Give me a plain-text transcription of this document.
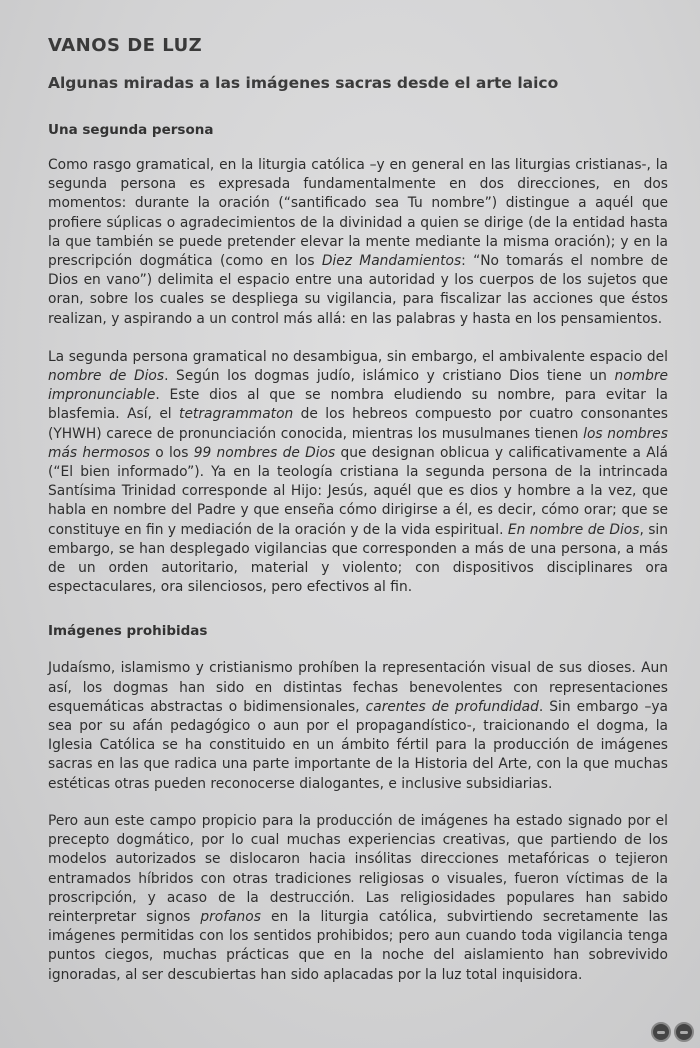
VANOS DE LUZ
Algunas miradas a las imágenes sacras desde el arte laico
Una segunda persona

Como rasgo gramatical, en la liturgia católica –y en general en las liturgias cristianas-, la segunda persona es expresada fundamentalmente en dos direcciones, en dos momentos: durante la oración (“santificado sea Tu nombre”) distingue a aquél que profiere súplicas o agradecimientos de la divinidad a quien se dirige (de la entidad hasta la que también se puede pretender elevar la mente mediante la misma oración); y en la prescripción dogmática (como en los Diez Mandamientos: “No tomarás el nombre de Dios en vano”) delimita el espacio entre una autoridad y los cuerpos de los sujetos que oran, sobre los cuales se despliega su vigilancia, para fiscalizar las acciones que éstos realizan, y aspirando a un control más allá: en las palabras y hasta en los pensamientos.

La segunda persona gramatical no desambigua, sin embargo, el ambivalente espacio del nombre de Dios. Según los dogmas judío, islámico y cristiano Dios tiene un nombre impronunciable. Este dios al que se nombra eludiendo su nombre, para evitar la blasfemia. Así, el tetragrammaton de los hebreos compuesto por cuatro consonantes (YHWH) carece de pronunciación conocida, mientras los musulmanes tienen los nombres más hermosos o los 99 nombres de Dios que designan oblicua y calificativamente a Alá (“El bien informado”). Ya en la teología cristiana la segunda persona de la intrincada Santísima Trinidad corresponde al Hijo: Jesús, aquél que es dios y hombre a la vez, que habla en nombre del Padre y que enseña cómo dirigirse a él, es decir, cómo orar; que se constituye en fin y mediación de la oración y de la vida espiritual. En nombre de Dios, sin embargo, se han desplegado vigilancias que corresponden a más de una persona, a más de un orden autoritario, material y violento; con dispositivos disciplinares ora espectaculares, ora silenciosos, pero efectivos al fin.

Imágenes prohibidas

Judaísmo, islamismo y cristianismo prohíben la representación visual de sus dioses. Aun así, los dogmas han sido en distintas fechas benevolentes con representaciones esquemáticas abstractas o bidimensionales, carentes de profundidad. Sin embargo –ya sea por su afán pedagógico o aun por el propagandístico-, traicionando el dogma, la Iglesia Católica se ha constituido en un ámbito fértil para la producción de imágenes sacras en las que radica una parte importante de la Historia del Arte, con la que muchas estéticas otras pueden reconocerse dialogantes, e inclusive subsidiarias.

Pero aun este campo propicio para la producción de imágenes ha estado signado por el precepto dogmático, por lo cual muchas experiencias creativas, que partiendo de los modelos autorizados se dislocaron hacia insólitas direcciones metafóricas o tejieron entramados híbridos con otras tradiciones religiosas o visuales, fueron víctimas de la proscripción, y acaso de la destrucción. Las religiosidades populares han sabido reinterpretar signos profanos en la liturgia católica, subvirtiendo secretamente las imágenes permitidas con los sentidos prohibidos; pero aun cuando toda vigilancia tenga puntos ciegos, muchas prácticas que en la noche del aislamiento han sobrevivido ignoradas, al ser descubiertas han sido aplacadas por la luz total inquisidora.
